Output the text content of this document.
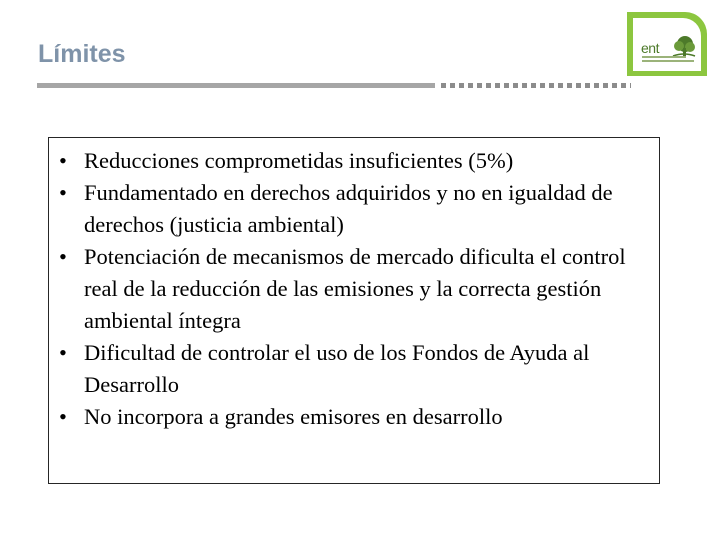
Límites	ent
• Reducciones comprometidas insuficientes (5%)
• Fundamentado en derechos adquiridos y no en igualdad de derechos (justicia ambiental)
• Potenciación de mecanismos de mercado dificulta el control real de la reducción de las emisiones y la correcta gestión ambiental íntegra
• Dificultad de controlar el uso de los Fondos de Ayuda al Desarrollo
• No incorpora a grandes emisores en desarrollo
